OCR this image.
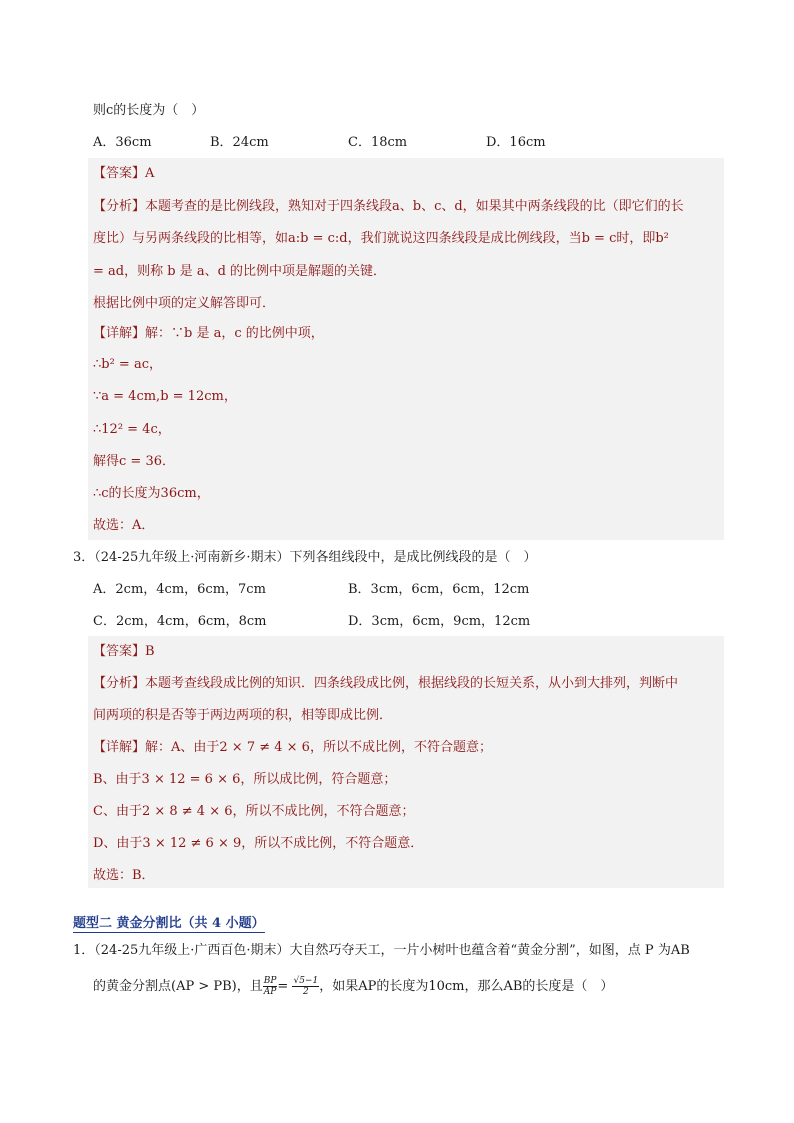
则c的长度为（　）
A．36cm	B．24cm	C．18cm	D．16cm
【答案】A
【分析】本题考查的是比例线段，熟知对于四条线段a、b、c、d，如果其中两条线段的比（即它们的长
度比）与另两条线段的比相等，如a:b = c:d，我们就说这四条线段是成比例线段，当b = c时，即b²
= ad，则称 b 是 a、d 的比例中项是解题的关键．
根据比例中项的定义解答即可．
【详解】解：∵b 是 a，c 的比例中项，
∴b² = ac，
∵a = 4cm,b = 12cm，
∴12² = 4c，
解得c = 36．
∴c的长度为36cm，
故选：A．
3．（24-25九年级上·河南新乡·期末）下列各组线段中，是成比例线段的是（　）
A．2cm，4cm，6cm，7cm	B．3cm，6cm，6cm，12cm
C．2cm，4cm，6cm，8cm	D．3cm，6cm，9cm，12cm
【答案】B
【分析】本题考查线段成比例的知识．四条线段成比例，根据线段的长短关系，从小到大排列，判断中
间两项的积是否等于两边两项的积，相等即成比例．
【详解】解：A、由于2 × 7 ≠ 4 × 6，所以不成比例，不符合题意；
B、由于3 × 12 = 6 × 6，所以成比例，符合题意；
C、由于2 × 8 ≠ 4 × 6，所以不成比例，不符合题意；
D、由于3 × 12 ≠ 6 × 9，所以不成比例，不符合题意．
故选：B．
题型二 黄金分割比（共 4 小题）
1．（24-25九年级上·广西百色·期末）大自然巧夺天工，一片小树叶也蕴含着“黄金分割”，如图，点 P 为AB
的黄金分割点(AP > PB)，且 $\frac{BP}{AP} = \frac{√5-1}{2}$ ，如果AP的长度为10cm，那么AB的长度是（　）
